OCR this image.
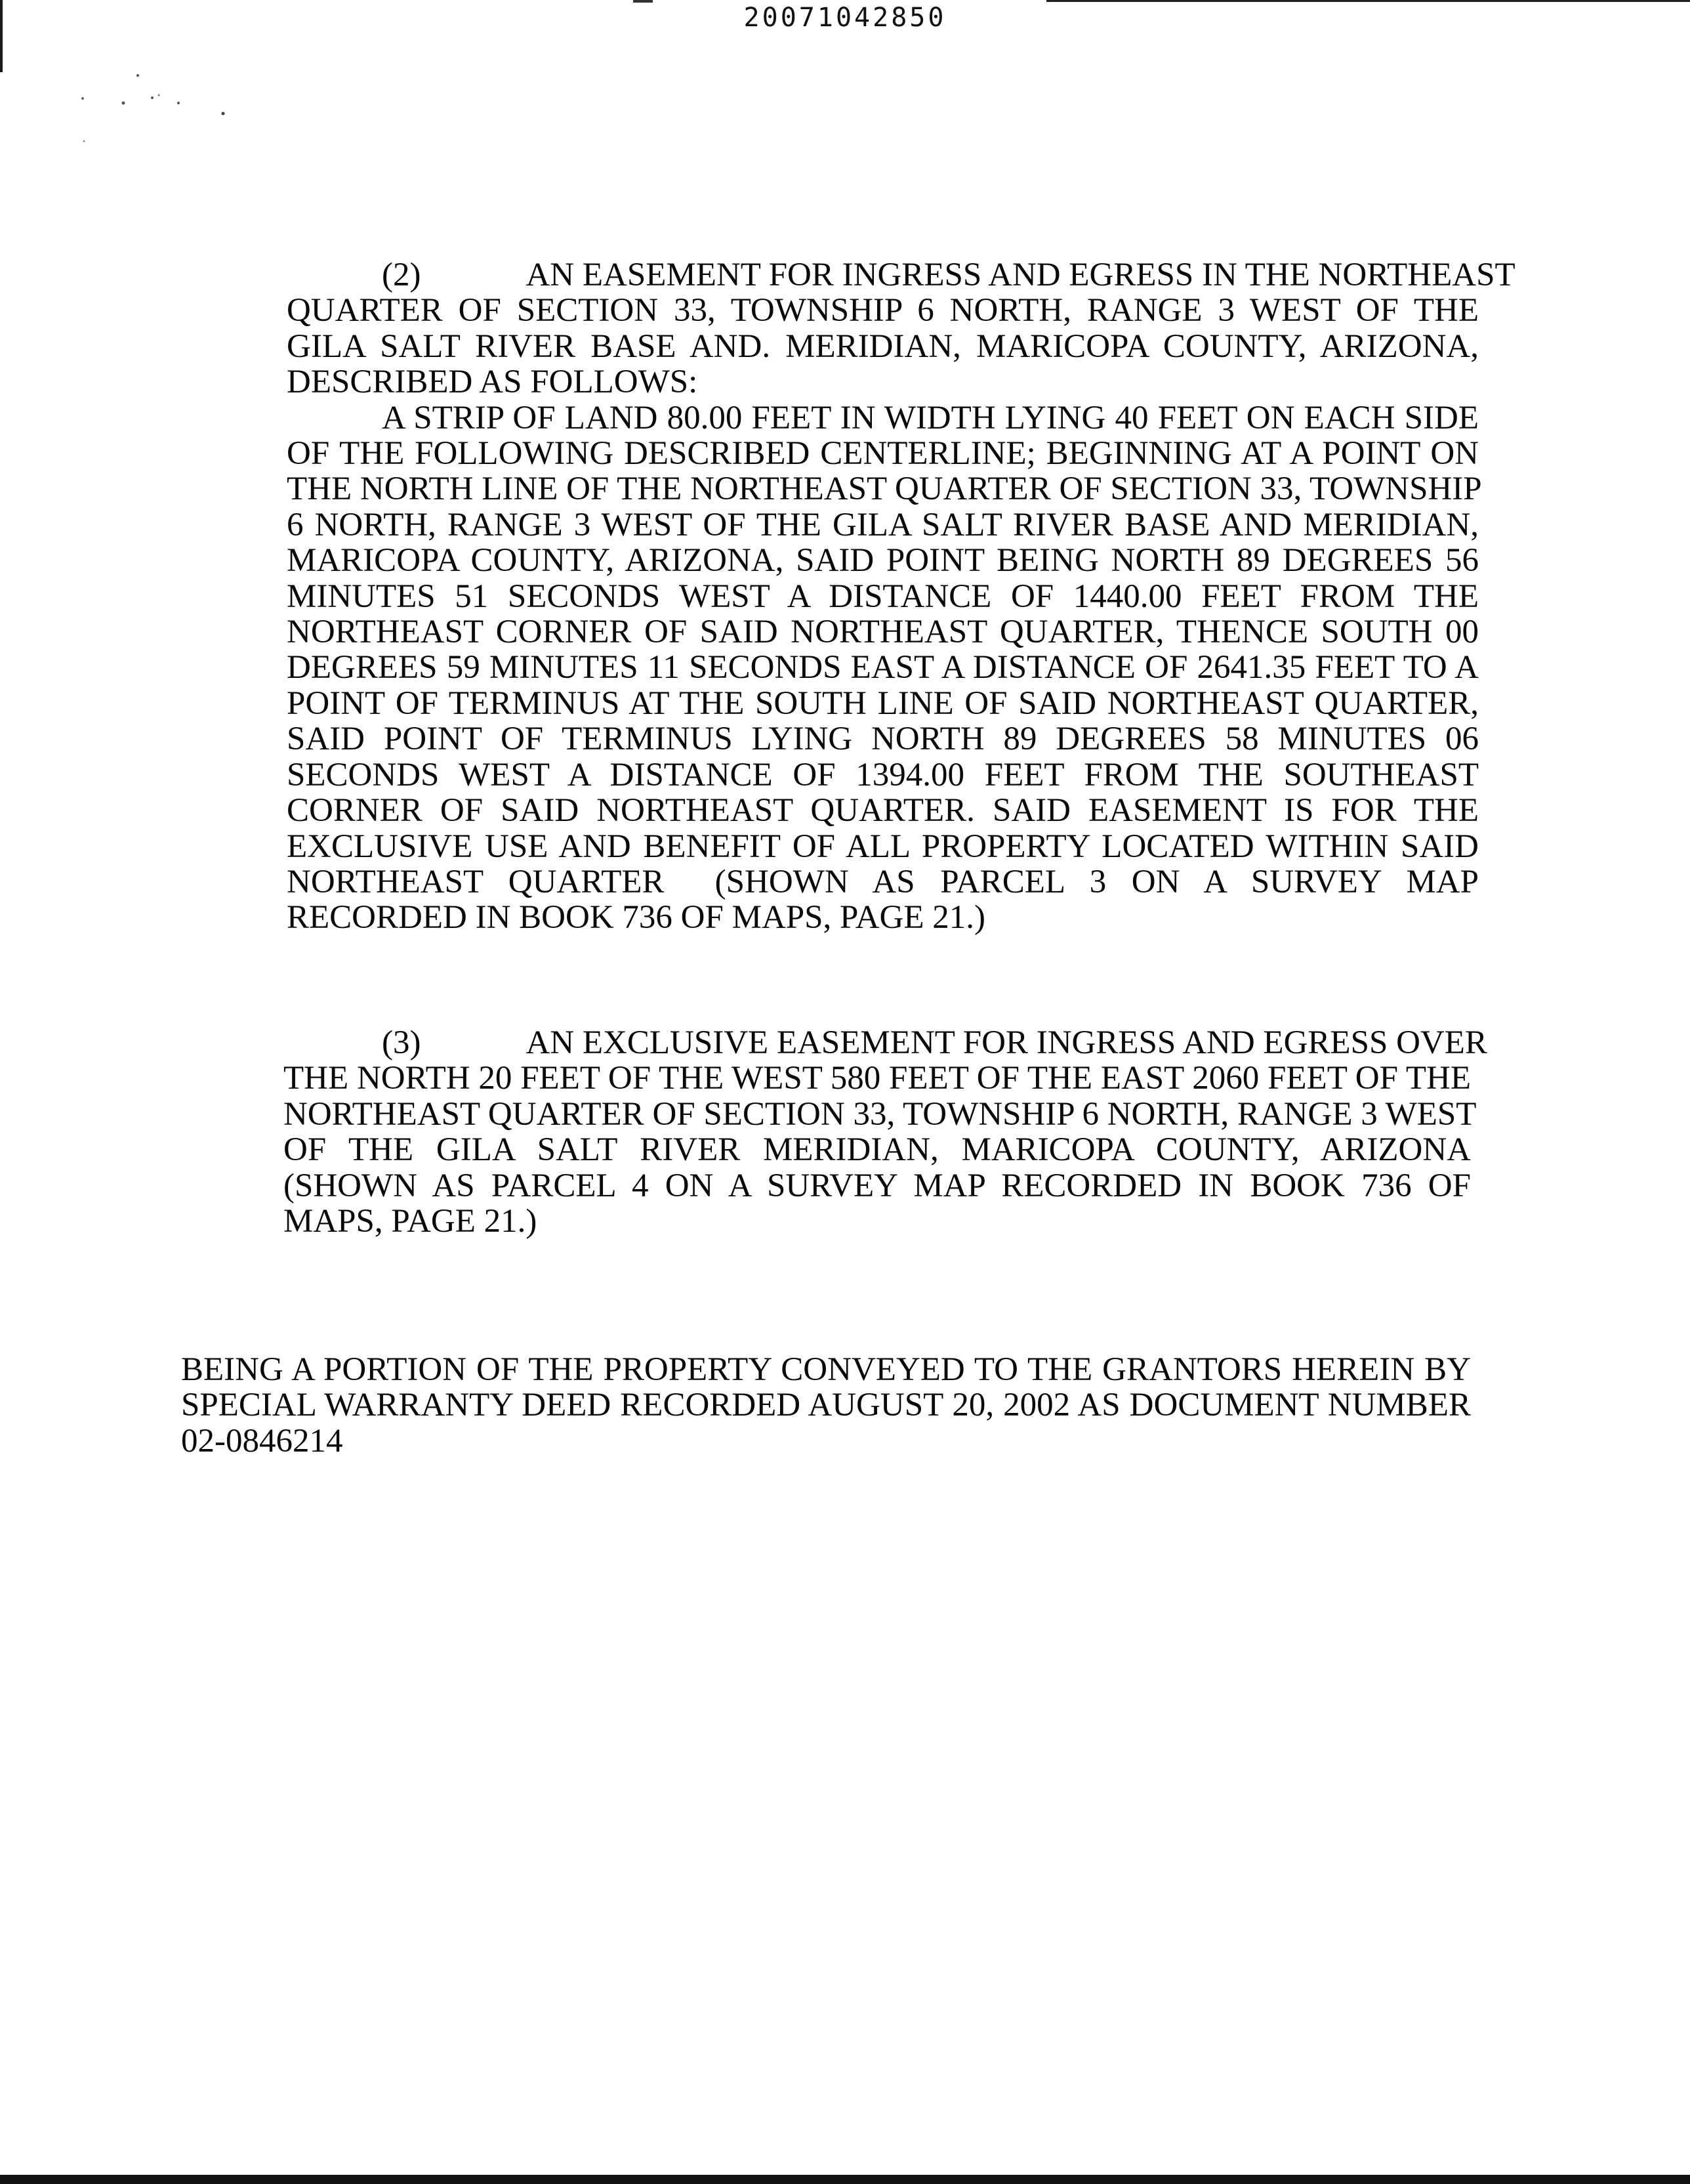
20071042850
(2)	AN EASEMENT FOR INGRESS AND EGRESS IN THE NORTHEAST
QUARTER OF SECTION 33, TOWNSHIP 6 NORTH, RANGE 3 WEST OF THE
GILA SALT RIVER BASE AND. MERIDIAN, MARICOPA COUNTY, ARIZONA,
DESCRIBED AS FOLLOWS:
A STRIP OF LAND 80.00 FEET IN WIDTH LYING 40 FEET ON EACH SIDE
OF THE FOLLOWING DESCRIBED CENTERLINE; BEGINNING AT A POINT ON
THE NORTH LINE OF THE NORTHEAST QUARTER OF SECTION 33, TOWNSHIP
6 NORTH, RANGE 3 WEST OF THE GILA SALT RIVER BASE AND MERIDIAN,
MARICOPA COUNTY, ARIZONA, SAID POINT BEING NORTH 89 DEGREES 56
MINUTES 51 SECONDS WEST A DISTANCE OF 1440.00 FEET FROM THE
NORTHEAST CORNER OF SAID NORTHEAST QUARTER, THENCE SOUTH 00
DEGREES 59 MINUTES 11 SECONDS EAST A DISTANCE OF 2641.35 FEET TO A
POINT OF TERMINUS AT THE SOUTH LINE OF SAID NORTHEAST QUARTER,
SAID POINT OF TERMINUS LYING NORTH 89 DEGREES 58 MINUTES 06
SECONDS WEST A DISTANCE OF 1394.00 FEET FROM THE SOUTHEAST
CORNER OF SAID NORTHEAST QUARTER. SAID EASEMENT IS FOR THE
EXCLUSIVE USE AND BENEFIT OF ALL PROPERTY LOCATED WITHIN SAID
NORTHEAST QUARTER  (SHOWN AS PARCEL 3 ON A SURVEY MAP
RECORDED IN BOOK 736 OF MAPS, PAGE 21.)
(3)	AN EXCLUSIVE EASEMENT FOR INGRESS AND EGRESS OVER
THE NORTH 20 FEET OF THE WEST 580 FEET OF THE EAST 2060 FEET OF THE
NORTHEAST QUARTER OF SECTION 33, TOWNSHIP 6 NORTH, RANGE 3 WEST
OF THE GILA SALT RIVER MERIDIAN, MARICOPA COUNTY, ARIZONA
(SHOWN AS PARCEL 4 ON A SURVEY MAP RECORDED IN BOOK 736 OF
MAPS, PAGE 21.)
BEING A PORTION OF THE PROPERTY CONVEYED TO THE GRANTORS HEREIN BY
SPECIAL WARRANTY DEED RECORDED AUGUST 20, 2002 AS DOCUMENT NUMBER
02-0846214
